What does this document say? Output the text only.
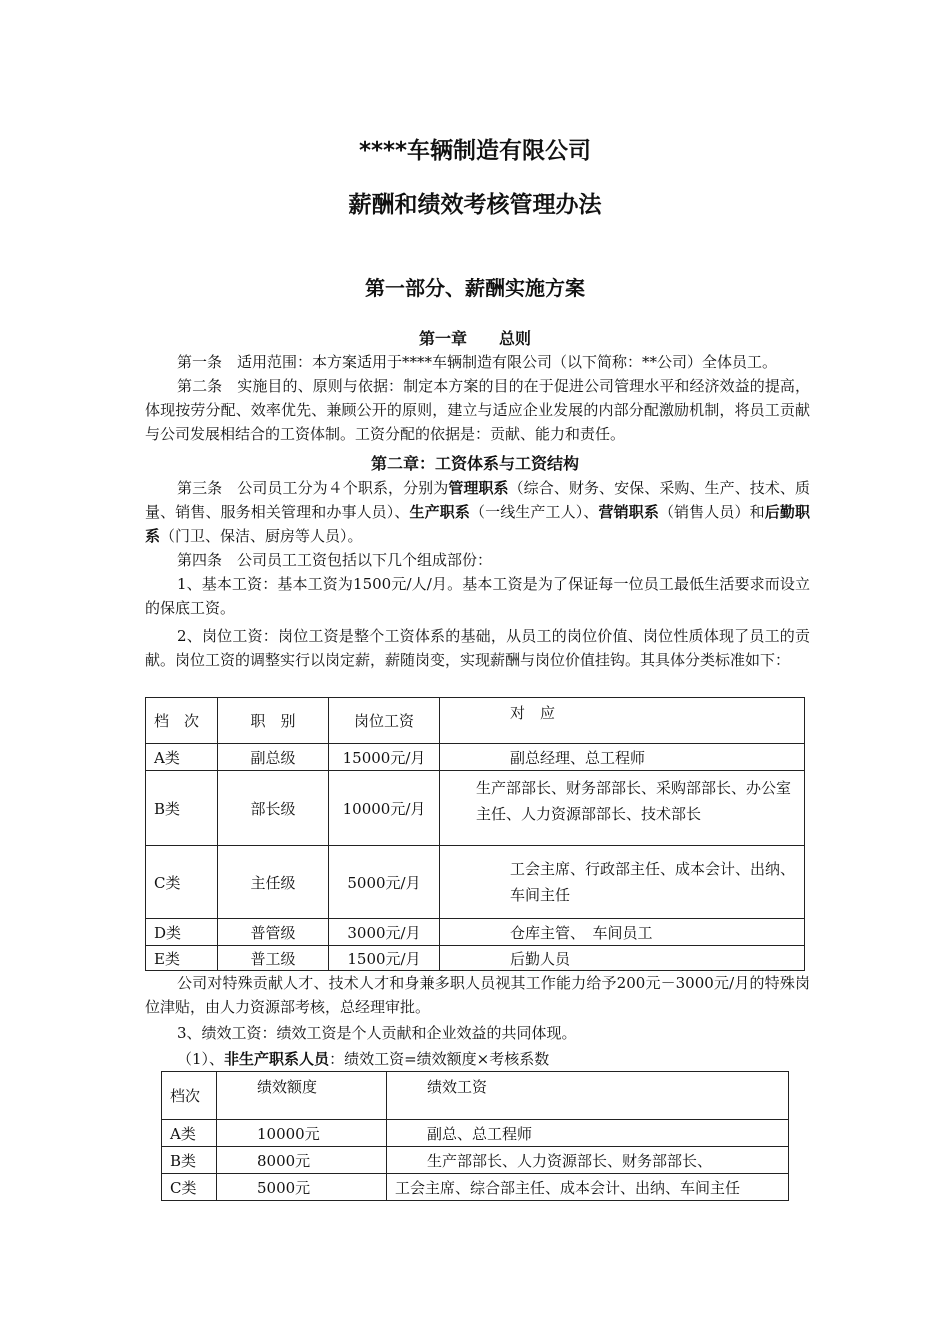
****车辆制造有限公司
薪酬和绩效考核管理办法
第一部分、薪酬实施方案
第一章　　总则
第一条　适用范围：本方案适用于****车辆制造有限公司（以下简称：**公司）全体员工。
第二条　实施目的、原则与依据：制定本方案的目的在于促进公司管理水平和经济效益的提高，体现按劳分配、效率优先、兼顾公开的原则，建立与适应企业发展的内部分配激励机制，将员工贡献与公司发展相结合的工资体制。工资分配的依据是：贡献、能力和责任。
第二章：工资体系与工资结构
第三条　公司员工分为４个职系，分别为管理职系（综合、财务、安保、采购、生产、技术、质量、销售、服务相关管理和办事人员）、生产职系（一线生产工人）、营销职系（销售人员）和后勤职系（门卫、保洁、厨房等人员）。
第四条　公司员工工资包括以下几个组成部份：
1、基本工资：基本工资为1500元/人/月。基本工资是为了保证每一位员工最低生活要求而设立的保底工资。
2、岗位工资：岗位工资是整个工资体系的基础，从员工的岗位价值、岗位性质体现了员工的贡献。岗位工资的调整实行以岗定薪，薪随岗变，实现薪酬与岗位价值挂钩。其具体分类标准如下：
档　次	职　别	岗位工资	对　应
A类	副总级	15000元/月	副总经理、总工程师
B类	部长级	10000元/月	生产部部长、财务部部长、采购部部长、办公室主任、人力资源部部长、技术部长
C类	主任级	5000元/月	工会主席、行政部主任、成本会计、出纳、车间主任
D类	普管级	3000元/月	仓库主管、　车间员工
E类	普工级	1500元/月	后勤人员
公司对特殊贡献人才、技术人才和身兼多职人员视其工作能力给予200元－3000元/月的特殊岗位津贴，由人力资源部考核，总经理审批。
3、绩效工资：绩效工资是个人贡献和企业效益的共同体现。
（1）、非生产职系人员：绩效工资=绩效额度×考核系数
档次	绩效额度	绩效工资
A类	10000元	副总、总工程师
B类	8000元	生产部部长、人力资源部长、财务部部长、
C类	5000元	工会主席、综合部主任、成本会计、出纳、车间主任
